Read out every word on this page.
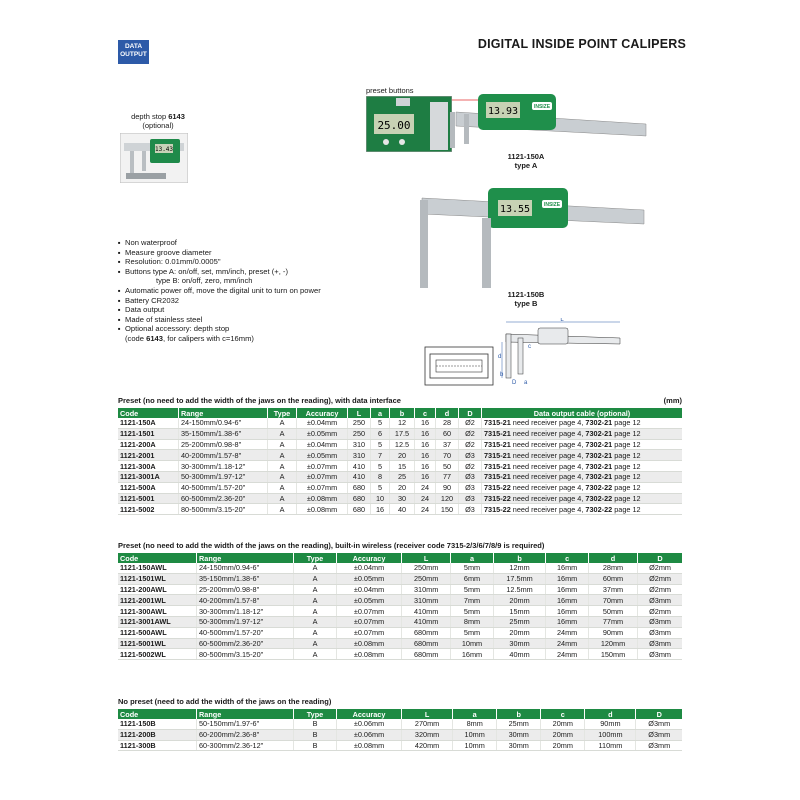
DATA
OUTPUT
DIGITAL INSIDE POINT CALIPERS
depth stop 6143
(optional)
13.43
preset buttons
25.00
13.93	INSIZE
1121-150A
type A
13.55	INSIZE
1121-150B
type B
■ Non waterproof
■ Measure groove diameter
■ Resolution: 0.01mm/0.0005"
■ Buttons type A: on/off, set, mm/inch, preset (+, -)
type B: on/off, zero, mm/inch
■ Automatic power off, move the digital unit to turn on power
■ Battery CR2032
■ Data output
■ Made of stainless steel
■ Optional accessory: depth stop
(code 6143, for calipers with c=16mm)
L
d
b
a
c
D
Preset (no need to add the width of the jaws on the reading), with data interface	(mm)
Code	Range	Type	Accuracy	L	a	b	c	d	D	Data output cable (optional)
1121-150A	24-150mm/0.94-6"	A	±0.04mm	250	5	12	16	28	Ø2	7315-21 need receiver page 4, 7302-21 page 12
1121-1501	35-150mm/1.38-6"	A	±0.05mm	250	6	17.5	16	60	Ø2	7315-21 need receiver page 4, 7302-21 page 12
1121-200A	25-200mm/0.98-8"	A	±0.04mm	310	5	12.5	16	37	Ø2	7315-21 need receiver page 4, 7302-21 page 12
1121-2001	40-200mm/1.57-8"	A	±0.05mm	310	7	20	16	70	Ø3	7315-21 need receiver page 4, 7302-21 page 12
1121-300A	30-300mm/1.18-12"	A	±0.07mm	410	5	15	16	50	Ø2	7315-21 need receiver page 4, 7302-21 page 12
1121-3001A	50-300mm/1.97-12"	A	±0.07mm	410	8	25	16	77	Ø3	7315-21 need receiver page 4, 7302-21 page 12
1121-500A	40-500mm/1.57-20"	A	±0.07mm	680	5	20	24	90	Ø3	7315-22 need receiver page 4, 7302-22 page 12
1121-5001	60-500mm/2.36-20"	A	±0.08mm	680	10	30	24	120	Ø3	7315-22 need receiver page 4, 7302-22 page 12
1121-5002	80-500mm/3.15-20"	A	±0.08mm	680	16	40	24	150	Ø3	7315-22 need receiver page 4, 7302-22 page 12
Preset (no need to add the width of the jaws on the reading), built-in wireless (receiver code 7315-2/3/6/7/8/9 is required)
Code	Range	Type	Accuracy	L	a	b	c	d	D
1121-150AWL	24-150mm/0.94-6"	A	±0.04mm	250mm	5mm	12mm	16mm	28mm	Ø2mm
1121-1501WL	35-150mm/1.38-6"	A	±0.05mm	250mm	6mm	17.5mm	16mm	60mm	Ø2mm
1121-200AWL	25-200mm/0.98-8"	A	±0.04mm	310mm	5mm	12.5mm	16mm	37mm	Ø2mm
1121-2001WL	40-200mm/1.57-8"	A	±0.05mm	310mm	7mm	20mm	16mm	70mm	Ø3mm
1121-300AWL	30-300mm/1.18-12"	A	±0.07mm	410mm	5mm	15mm	16mm	50mm	Ø2mm
1121-3001AWL	50-300mm/1.97-12"	A	±0.07mm	410mm	8mm	25mm	16mm	77mm	Ø3mm
1121-500AWL	40-500mm/1.57-20"	A	±0.07mm	680mm	5mm	20mm	24mm	90mm	Ø3mm
1121-5001WL	60-500mm/2.36-20"	A	±0.08mm	680mm	10mm	30mm	24mm	120mm	Ø3mm
1121-5002WL	80-500mm/3.15-20"	A	±0.08mm	680mm	16mm	40mm	24mm	150mm	Ø3mm
No preset (need to add the width of the jaws on the reading)
Code	Range	Type	Accuracy	L	a	b	c	d	D
1121-150B	50-150mm/1.97-6"	B	±0.06mm	270mm	8mm	25mm	20mm	90mm	Ø3mm
1121-200B	60-200mm/2.36-8"	B	±0.06mm	320mm	10mm	30mm	20mm	100mm	Ø3mm
1121-300B	60-300mm/2.36-12"	B	±0.08mm	420mm	10mm	30mm	20mm	110mm	Ø3mm
